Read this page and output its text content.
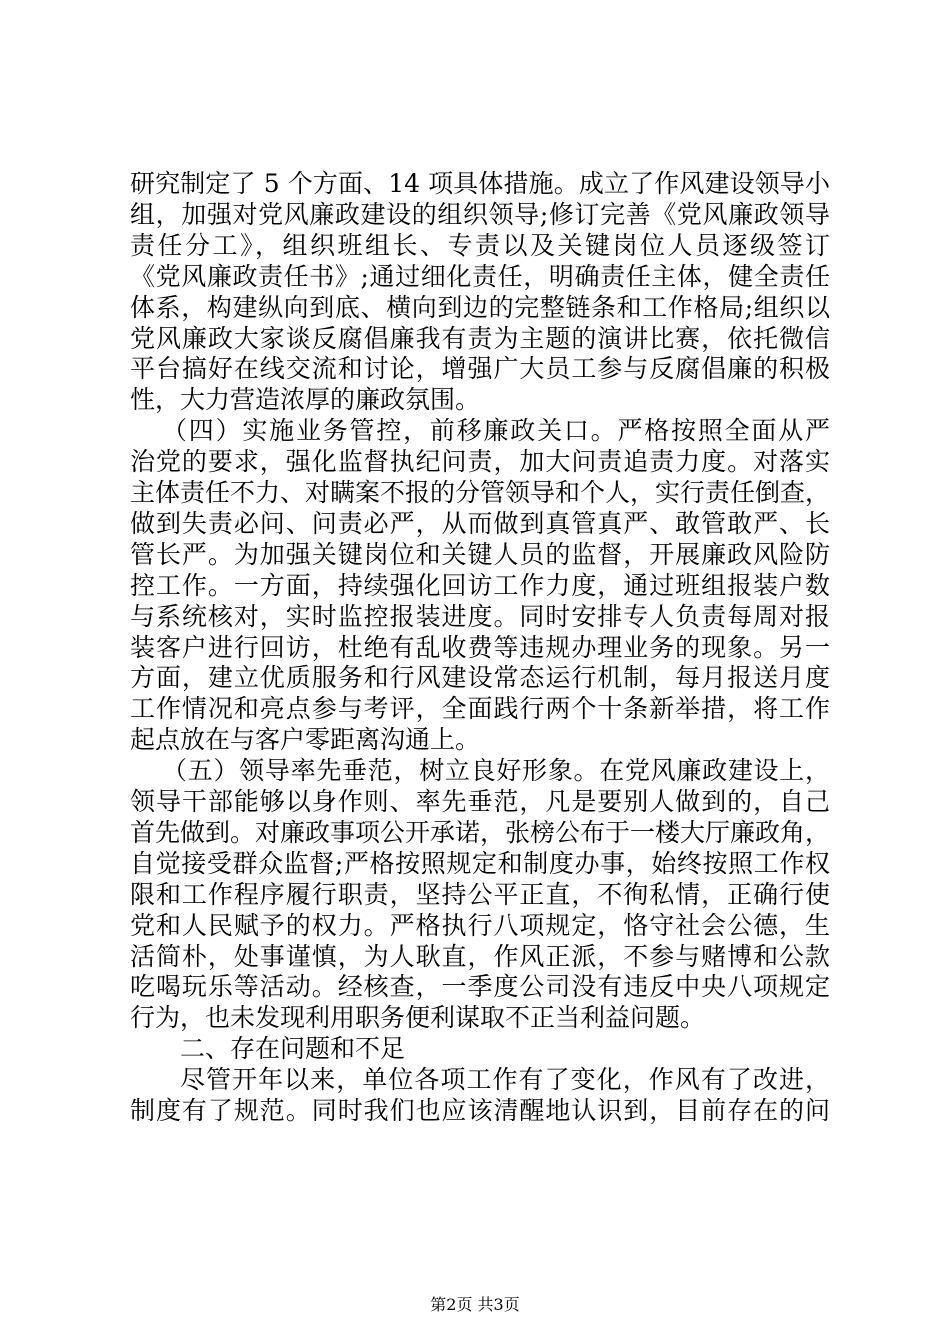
研究制定了 5 个方面、14 项具体措施。成立了作风建设领导小
组，加强对党风廉政建设的组织领导;修订完善《党风廉政领导
责任分工》，组织班组长、专责以及关键岗位人员逐级签订
《党风廉政责任书》;通过细化责任，明确责任主体，健全责任
体系，构建纵向到底、横向到边的完整链条和工作格局;组织以
党风廉政大家谈反腐倡廉我有责为主题的演讲比赛，依托微信
平台搞好在线交流和讨论，增强广大员工参与反腐倡廉的积极
性，大力营造浓厚的廉政氛围。
（四）实施业务管控，前移廉政关口。严格按照全面从严
治党的要求，强化监督执纪问责，加大问责追责力度。对落实
主体责任不力、对瞒案不报的分管领导和个人，实行责任倒查，
做到失责必问、问责必严，从而做到真管真严、敢管敢严、长
管长严。为加强关键岗位和关键人员的监督，开展廉政风险防
控工作。一方面，持续强化回访工作力度，通过班组报装户数
与系统核对，实时监控报装进度。同时安排专人负责每周对报
装客户进行回访，杜绝有乱收费等违规办理业务的现象。另一
方面，建立优质服务和行风建设常态运行机制，每月报送月度
工作情况和亮点参与考评，全面践行两个十条新举措，将工作
起点放在与客户零距离沟通上。
（五）领导率先垂范，树立良好形象。在党风廉政建设上，
领导干部能够以身作则、率先垂范，凡是要别人做到的，自己
首先做到。对廉政事项公开承诺，张榜公布于一楼大厅廉政角，
自觉接受群众监督;严格按照规定和制度办事，始终按照工作权
限和工作程序履行职责，坚持公平正直，不徇私情，正确行使
党和人民赋予的权力。严格执行八项规定，恪守社会公德，生
活简朴，处事谨慎，为人耿直，作风正派，不参与赌博和公款
吃喝玩乐等活动。经核查，一季度公司没有违反中央八项规定
行为，也未发现利用职务便利谋取不正当利益问题。
二、存在问题和不足
尽管开年以来，单位各项工作有了变化，作风有了改进，
制度有了规范。同时我们也应该清醒地认识到，目前存在的问
第2页 共3页
